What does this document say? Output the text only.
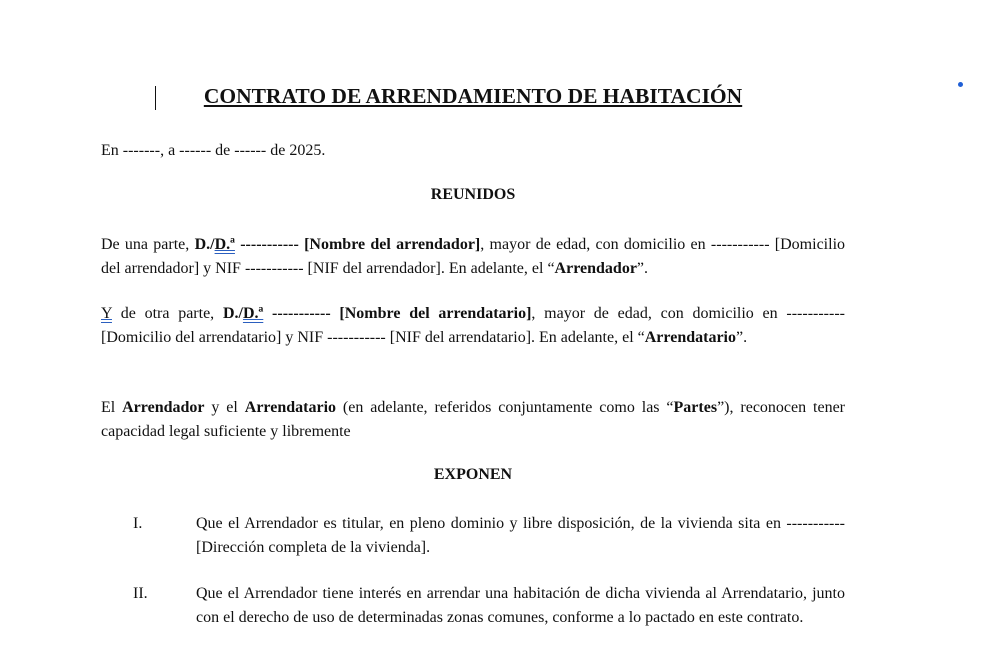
CONTRATO DE ARRENDAMIENTO DE HABITACIÓN
En -------, a ------ de ------ de 2025.
REUNIDOS
De una parte, D./D.ª ----------- [Nombre del arrendador], mayor de edad, con domicilio en ----------- [Domicilio del arrendador] y NIF ----------- [NIF del arrendador]. En adelante, el “Arrendador”.
Y de otra parte, D./D.ª ----------- [Nombre del arrendatario], mayor de edad, con domicilio en ----------- [Domicilio del arrendatario] y NIF ----------- [NIF del arrendatario]. En adelante, el “Arrendatario”.
El Arrendador y el Arrendatario (en adelante, referidos conjuntamente como las “Partes”), reconocen tener capacidad legal suficiente y libremente
EXPONEN
I.	Que el Arrendador es titular, en pleno dominio y libre disposición, de la vivienda sita en ----------- [Dirección completa de la vivienda].
II.	Que el Arrendador tiene interés en arrendar una habitación de dicha vivienda al Arrendatario, junto con el derecho de uso de determinadas zonas comunes, conforme a lo pactado en este contrato.
